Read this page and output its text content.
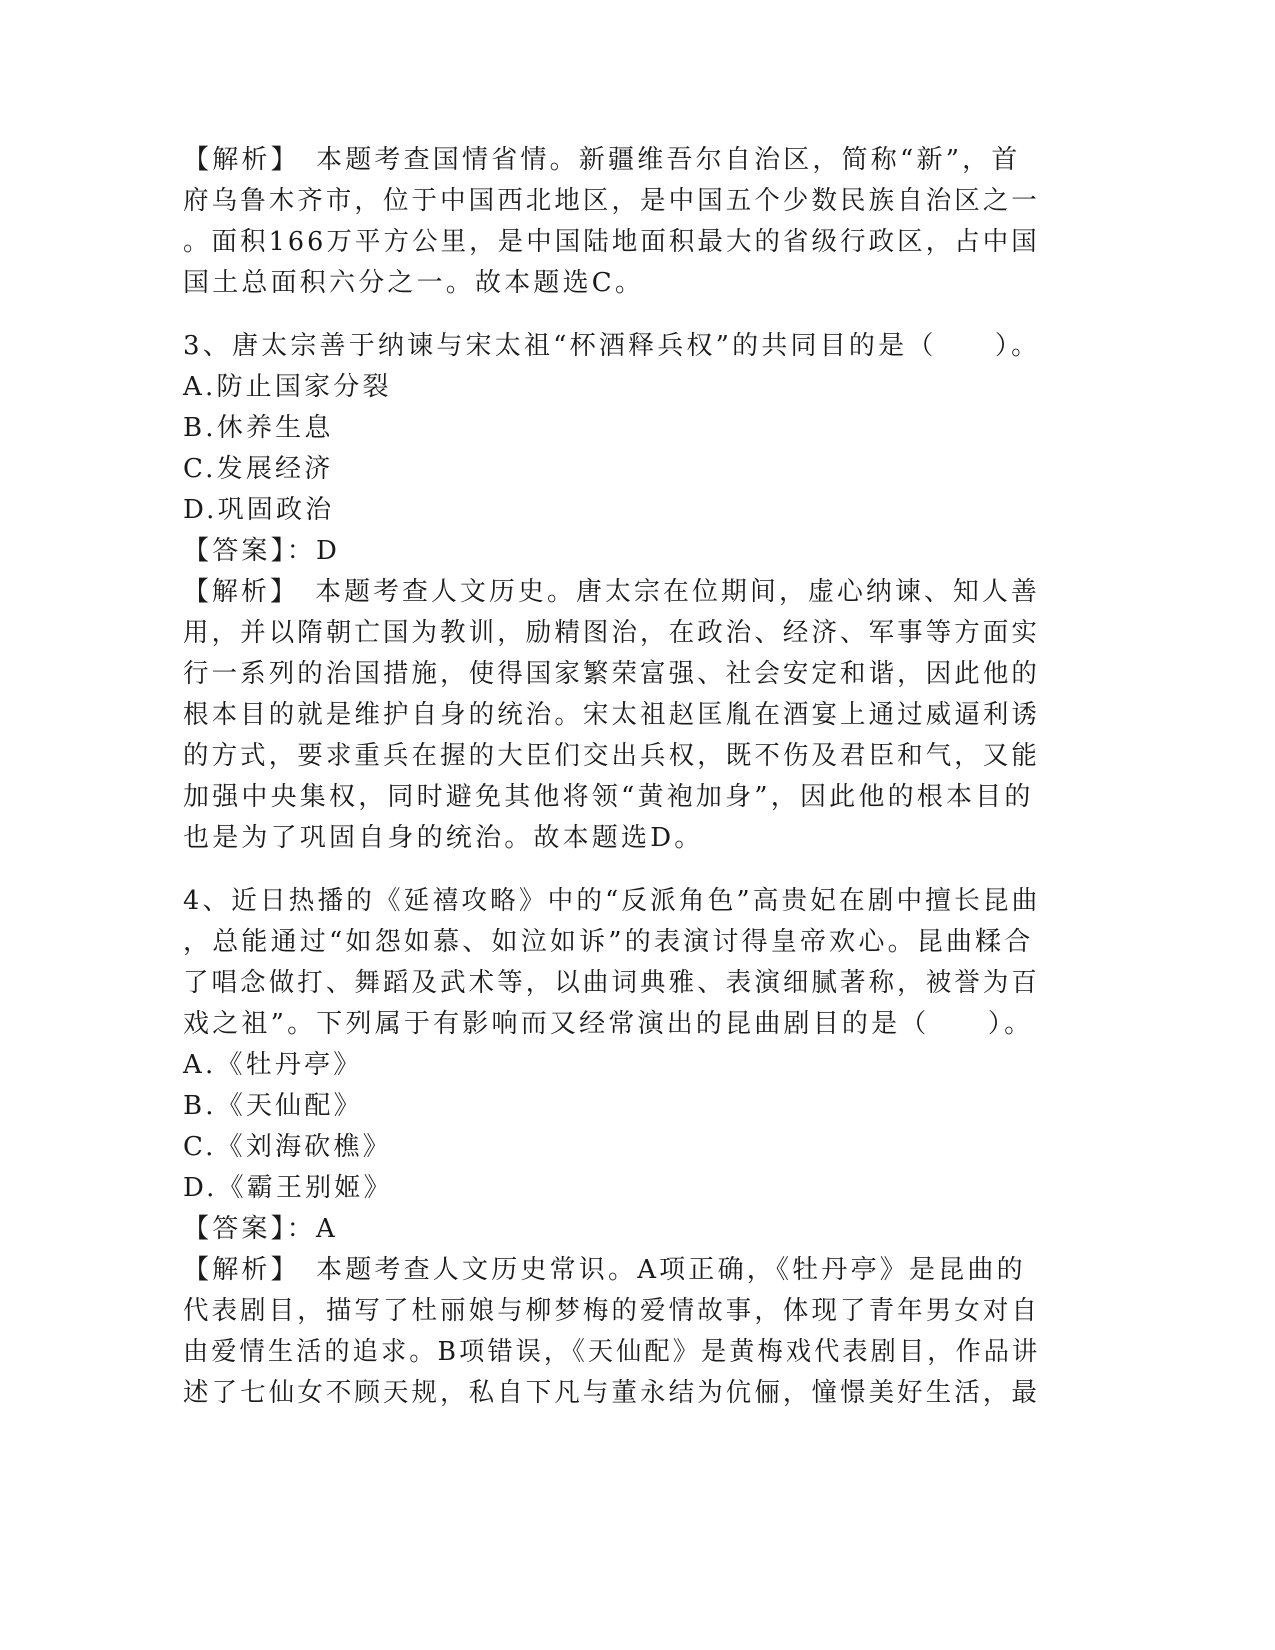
【解析】　本题考查国情省情。新疆维吾尔自治区，简称“新”，首
府乌鲁木齐市，位于中国西北地区，是中国五个少数民族自治区之一
。面积166万平方公里，是中国陆地面积最大的省级行政区，占中国
国土总面积六分之一。故本题选C。
3、唐太宗善于纳谏与宋太祖“杯酒释兵权”的共同目的是（　　）。
A.防止国家分裂
B.休养生息
C.发展经济
D.巩固政治
【答案】：D
【解析】　本题考查人文历史。唐太宗在位期间，虚心纳谏、知人善
用，并以隋朝亡国为教训，励精图治，在政治、经济、军事等方面实
行一系列的治国措施，使得国家繁荣富强、社会安定和谐，因此他的
根本目的就是维护自身的统治。宋太祖赵匡胤在酒宴上通过威逼利诱
的方式，要求重兵在握的大臣们交出兵权，既不伤及君臣和气，又能
加强中央集权，同时避免其他将领“黄袍加身”，因此他的根本目的
也是为了巩固自身的统治。故本题选D。
4、近日热播的《延禧攻略》中的“反派角色”高贵妃在剧中擅长昆曲
，总能通过“如怨如慕、如泣如诉”的表演讨得皇帝欢心。昆曲糅合
了唱念做打、舞蹈及武术等，以曲词典雅、表演细腻著称，被誉为百
戏之祖”。下列属于有影响而又经常演出的昆曲剧目的是（　　）。
A.《牡丹亭》
B.《天仙配》
C.《刘海砍樵》
D.《霸王别姬》
【答案】：A
【解析】　本题考查人文历史常识。A项正确，《牡丹亭》是昆曲的
代表剧目，描写了杜丽娘与柳梦梅的爱情故事，体现了青年男女对自
由爱情生活的追求。B项错误，《天仙配》是黄梅戏代表剧目，作品讲
述了七仙女不顾天规，私自下凡与董永结为伉俪，憧憬美好生活，最
